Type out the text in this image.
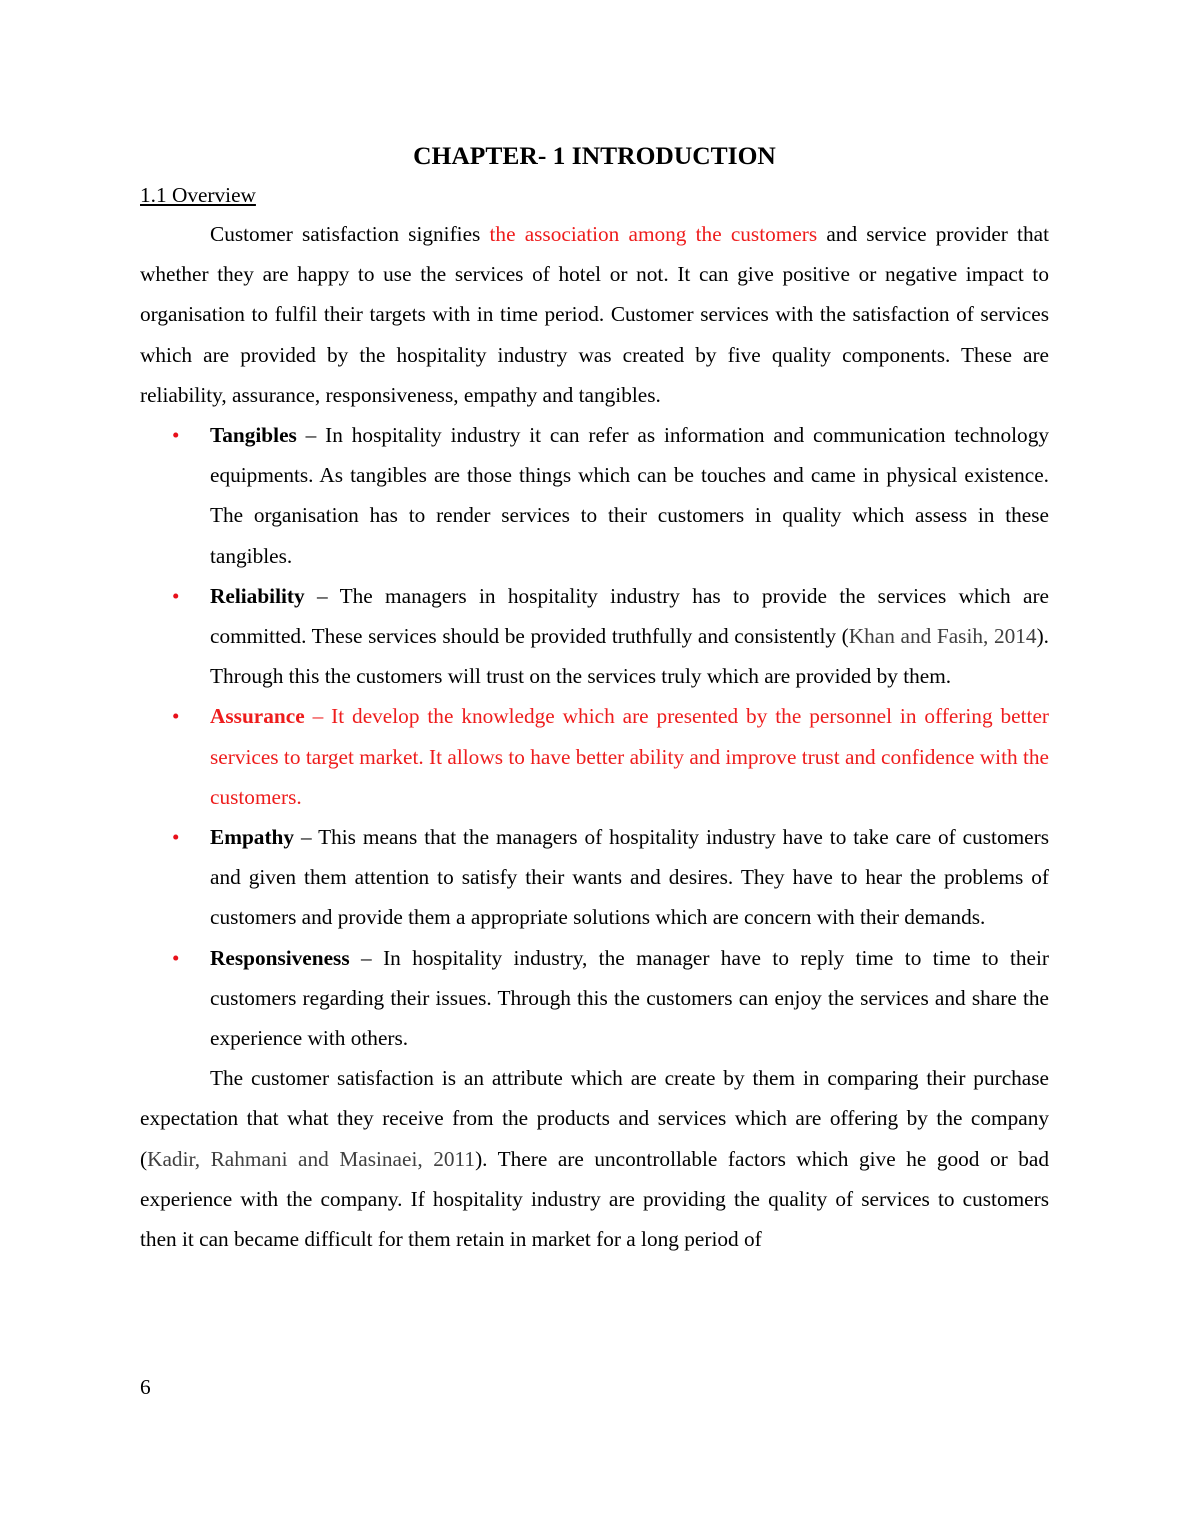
CHAPTER- 1 INTRODUCTION

1.1 Overview

Customer satisfaction signifies the association among the customers and service provider that whether they are happy to use the services of hotel or not. It can give positive or negative impact to organisation to fulfil their targets with in time period. Customer services with the satisfaction of services which are provided by the hospitality industry was created by five quality components. These are reliability, assurance, responsiveness, empathy and tangibles.

• Tangibles – In hospitality industry it can refer as information and communication technology equipments. As tangibles are those things which can be touches and came in physical existence. The organisation has to render services to their customers in quality which assess in these tangibles.
• Reliability – The managers in hospitality industry has to provide the services which are committed. These services should be provided truthfully and consistently (Khan and Fasih, 2014). Through this the customers will trust on the services truly which are provided by them.
• Assurance – It develop the knowledge which are presented by the personnel in offering better services to target market. It allows to have better ability and improve trust and confidence with the customers.
• Empathy – This means that the managers of hospitality industry have to take care of customers and given them attention to satisfy their wants and desires. They have to hear the problems of customers and provide them a appropriate solutions which are concern with their demands.
• Responsiveness – In hospitality industry, the manager have to reply time to time to their customers regarding their issues. Through this the customers can enjoy the services and share the experience with others.

The customer satisfaction is an attribute which are create by them in comparing their purchase expectation that what they receive from the products and services which are offering by the company (Kadir, Rahmani and Masinaei, 2011). There are uncontrollable factors which give he good or bad experience with the company. If hospitality industry are providing the quality of services to customers then it can became difficult for them retain in market for a long period of

6
